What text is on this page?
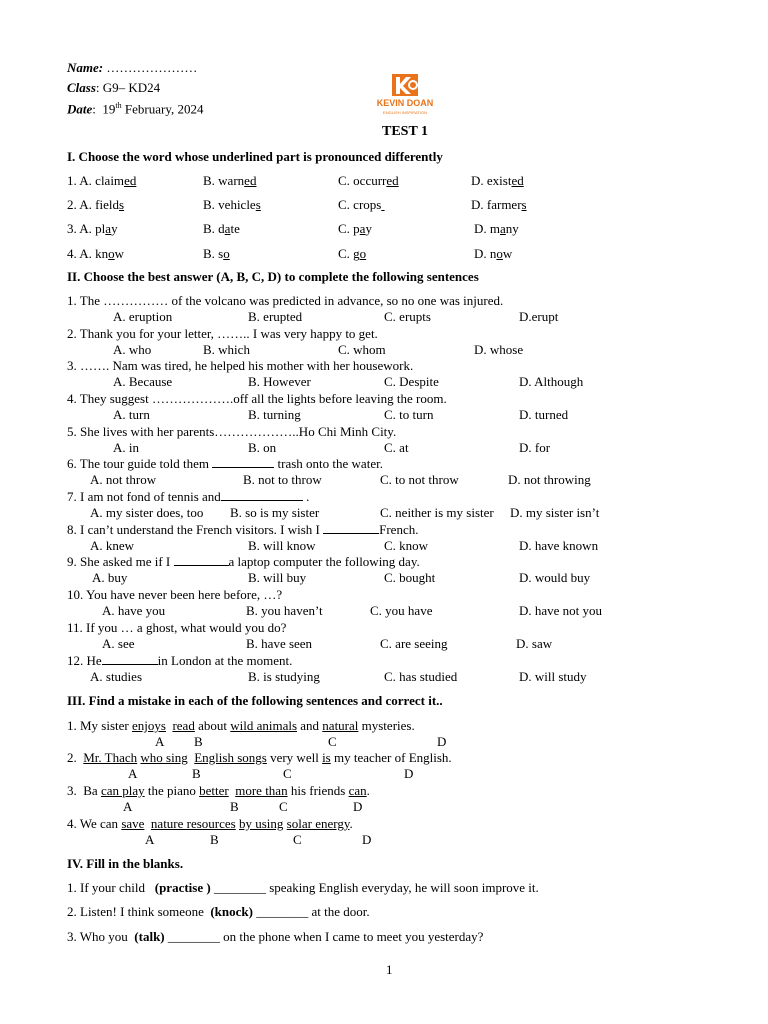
Name: …………………
Class: G9– KD24
Date: 19th February, 2024	KEVIN DOAN
ENGLISH INSPIRATION
TEST 1
I. Choose the word whose underlined part is pronounced differently
1. A. claimed	B. warned	C. occurred	D. existed
2. A. fields	B. vehicles	C. crops	D. farmers
3. A. play	B. date	C. pay	D. many
4. A. know	B. so	C. go	D. now
II. Choose the best answer (A, B, C, D) to complete the following sentences
1. The …………… of the volcano was predicted in advance, so no one was injured.
A. eruption	B. erupted	C. erupts	D.erupt
2. Thank you for your letter, …….. I was very happy to get.
A. who	B. which	C. whom	D. whose
3. ……. Nam was tired, he helped his mother with her housework.
A. Because	B. However	C. Despite	D. Although
4. They suggest ……………….off all the lights before leaving the room.
A. turn	B. turning	C. to turn	D. turned
5. She lives with her parents………………..Ho Chi Minh City.
A. in	B. on	C. at	D. for
6. The tour guide told them	trash onto the water.
A. not throw	B. not to throw	C. to not throw	D. not throwing
7. I am not fond of tennis and	.
A. my sister does, too B. so is my sister	C. neither is my sister D. my sister isn’t
8. I can’t understand the French visitors. I wish I	French.
A. knew	B. will know	C. know	D. have known
9. She asked me if I	a laptop computer the following day.
A. buy	B. will buy	C. bought	D. would buy
10. You have never been here before, …?
A. have you	B. you haven’t	C. you have	D. have not you
11. If you … a ghost, what would you do?
A. see	B. have seen	C. are seeing	D. saw
12. He	in London at the moment.
A. studies	B. is studying	C. has studied	D. will study
III. Find a mistake in each of the following sentences and correct it..
1. My sister enjoys read about wild animals and natural mysteries.
A B	C	D
2.  Mr. Thach who sing English songs very well is my teacher of English.
A	B	C	D
3.  Ba can play the piano better more than his friends can.
A	B	C	D
4. We can save nature resources by using solar energy.
A	B	C	D
IV. Fill in the blanks.
1. If your child   (practise ) ________ speaking English everyday, he will soon improve it.
2. Listen! I think someone  (knock) ________ at the door.
3. Who you  (talk) ________ on the phone when I came to meet you yesterday?
1
